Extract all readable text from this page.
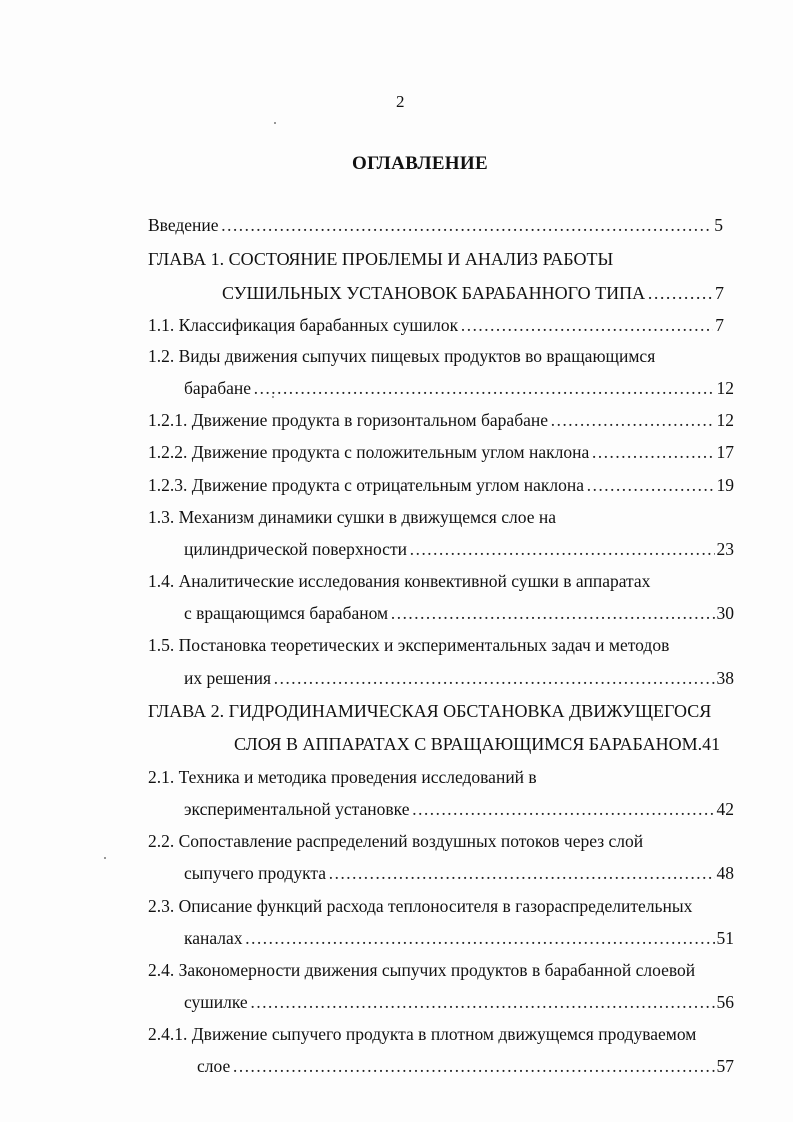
2
ОГЛАВЛЕНИЕ
Введение ……………………………………………………………………………………………………………………………………………………………………	5
ГЛАВА 1. СОСТОЯНИЕ ПРОБЛЕМЫ И АНАЛИЗ РАБОТЫ
СУШИЛЬНЫХ УСТАНОВОК БАРАБАННОГО ТИПА ……………………………………………………………………………………………………………………………………………………………………	7
1.1. Классификация барабанных сушилок ……………………………………………………………………………………………………………………………………………………………………	7
1.2. Виды движения сыпучих пищевых продуктов во вращающимся
барабане ……………………………………………………………………………………………………………………………………………………………………	12
1.2.1. Движение продукта в горизонтальном барабане ……………………………………………………………………………………………………………………………………………………………………	12
1.2.2. Движение продукта с положительным углом наклона ……………………………………………………………………………………………………………………………………………………………………	17
1.2.3. Движение продукта с отрицательным углом наклона ……………………………………………………………………………………………………………………………………………………………………	19
1.3. Механизм динамики сушки в движущемся слое на
цилиндрической поверхности ……………………………………………………………………………………………………………………………………………………………………	23
1.4. Аналитические исследования конвективной сушки в аппаратах
с вращающимся барабаном ……………………………………………………………………………………………………………………………………………………………………	30
1.5. Постановка теоретических и экспериментальных задач и методов
их решения ……………………………………………………………………………………………………………………………………………………………………	38
ГЛАВА 2. ГИДРОДИНАМИЧЕСКАЯ ОБСТАНОВКА ДВИЖУЩЕГОСЯ
СЛОЯ В АППАРАТАХ С ВРАЩАЮЩИМСЯ БАРАБАНОМ.41
2.1. Техника и методика проведения исследований в
экспериментальной установке ……………………………………………………………………………………………………………………………………………………………………	42
2.2. Сопоставление распределений воздушных потоков через слой
сыпучего продукта ……………………………………………………………………………………………………………………………………………………………………	48
2.3. Описание функций расхода теплоносителя в газораспределительных
каналах ……………………………………………………………………………………………………………………………………………………………………	51
2.4. Закономерности движения сыпучих продуктов в барабанной слоевой
сушилке ……………………………………………………………………………………………………………………………………………………………………	56
2.4.1. Движение сыпучего продукта в плотном движущемся продуваемом
слое ……………………………………………………………………………………………………………………………………………………………………	57
